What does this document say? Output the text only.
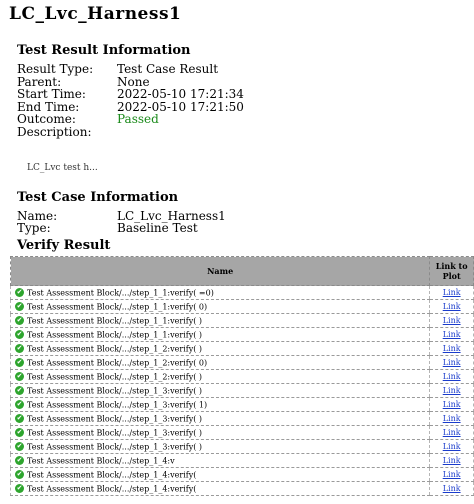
LC_Lvc_Harness1
Test Result Information
Result Type: Test Case Result
Parent:	None
Start Time:	2022-05-10 17:21:34
End Time:	2022-05-10 17:21:50
Outcome:	Passed
Description:
LC_Lvc test h...
Test Case Information
Name:	LC_Lvc_Harness1
Type:	Baseline Test
Verify Result
Name	Link to Plot
✔ Test Assessment Block/.../step_1_1:verify( =0)	Link
✔ Test Assessment Block/.../step_1_1:verify( 0)	Link
✔ Test Assessment Block/.../step_1_1:verify( )	Link
✔ Test Assessment Block/.../step_1_1:verify( )	Link
✔ Test Assessment Block/.../step_1_2:verify( )	Link
✔ Test Assessment Block/.../step_1_2:verify( 0)	Link
✔ Test Assessment Block/.../step_1_2:verify( )	Link
✔ Test Assessment Block/.../step_1_3:verify( )	Link
✔ Test Assessment Block/.../step_1_3:verify( 1)	Link
✔ Test Assessment Block/.../step_1_3:verify( )	Link
✔ Test Assessment Block/.../step_1_3:verify( )	Link
✔ Test Assessment Block/.../step_1_3:verify( )	Link
✔ Test Assessment Block/.../step_1_4:v	Link
✔ Test Assessment Block/.../step_1_4:verify(	Link
✔ Test Assessment Block/.../step_1_4:verify(	Link
